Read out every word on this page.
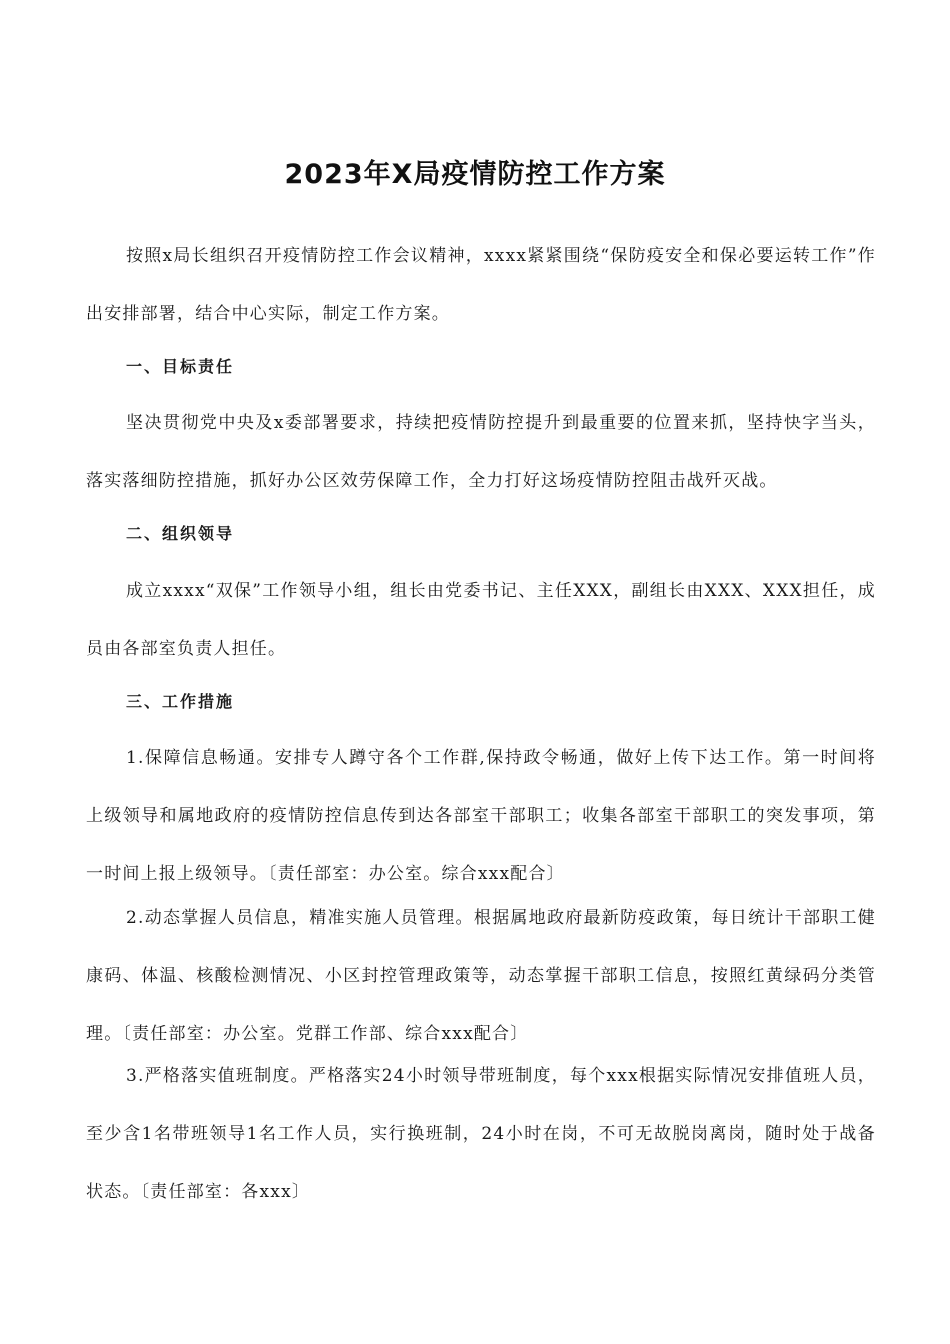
2023年X局疫情防控工作方案

按照x局长组织召开疫情防控工作会议精神，xxxx紧紧围绕“保防疫安全和保必要运转工作”作出安排部署，结合中心实际，制定工作方案。

一、目标责任

坚决贯彻党中央及x委部署要求，持续把疫情防控提升到最重要的位置来抓，坚持快字当头，落实落细防控措施，抓好办公区效劳保障工作，全力打好这场疫情防控阻击战歼灭战。

二、组织领导

成立xxxx“双保”工作领导小组，组长由党委书记、主任XXX，副组长由XXX、XXX担任，成员由各部室负责人担任。

三、工作措施

1.保障信息畅通。安排专人蹲守各个工作群,保持政令畅通，做好上传下达工作。第一时间将上级领导和属地政府的疫情防控信息传到达各部室干部职工；收集各部室干部职工的突发事项，第一时间上报上级领导。〔责任部室：办公室。综合xxx配合〕

2.动态掌握人员信息，精准实施人员管理。根据属地政府最新防疫政策，每日统计干部职工健康码、体温、核酸检测情况、小区封控管理政策等，动态掌握干部职工信息，按照红黄绿码分类管理。〔责任部室：办公室。党群工作部、综合xxx配合〕

3.严格落实值班制度。严格落实24小时领导带班制度，每个xxx根据实际情况安排值班人员，至少含1名带班领导1名工作人员，实行换班制，24小时在岗，不可无故脱岗离岗，随时处于战备状态。〔责任部室：各xxx〕
